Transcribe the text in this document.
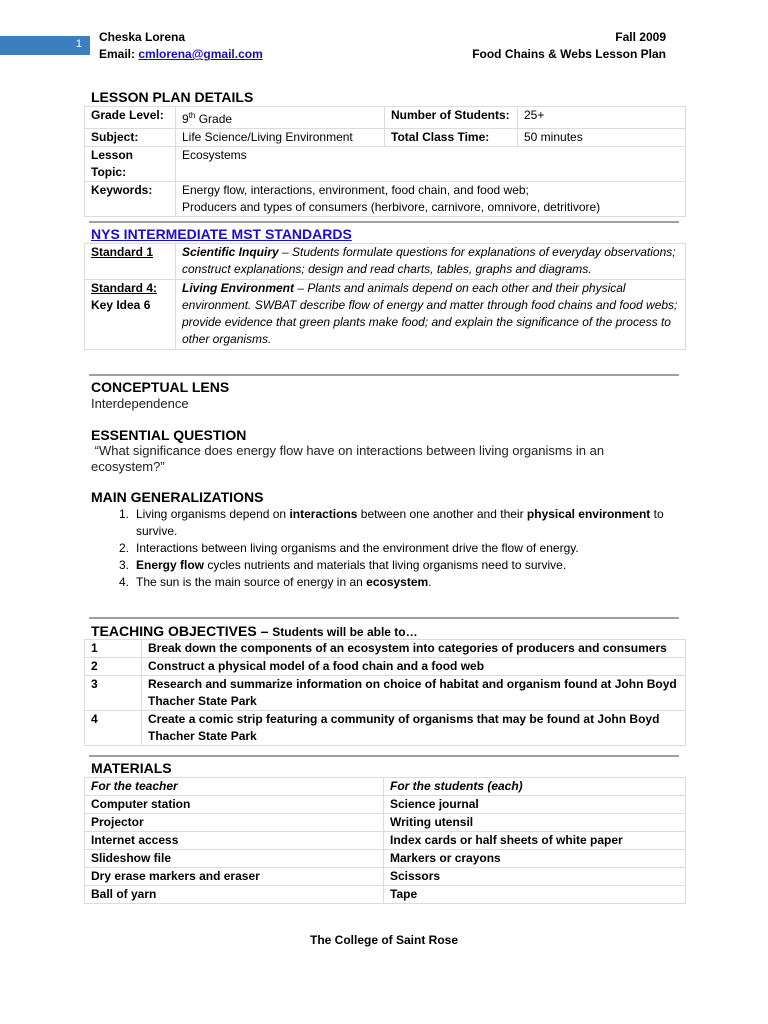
1	Cheska Lorena
Email: cmlorena@gmail.com
Fall 2009
Food Chains & Webs Lesson Plan
LESSON PLAN DETAILS
Grade Level:	9th Grade	Number of Students:	25+
Subject:	Life Science/Living Environment	Total Class Time:	50 minutes
Lesson Topic:	Ecosystems		
Keywords:	Energy flow, interactions, environment, food chain, and food web;
Producers and types of consumers (herbivore, carnivore, omnivore, detritivore)		
NYS INTERMEDIATE MST STANDARDS
Standard 1	Scientific Inquiry – Students formulate questions for explanations of everyday observations; construct explanations; design and read charts, tables, graphs and diagrams.

Standard 4:
Key Idea 6	Living Environment – Plants and animals depend on each other and their physical environment. SWBAT describe flow of energy and matter through food chains and food webs; provide evidence that green plants make food; and explain the significance of the process to other organisms.
CONCEPTUAL LENS
Interdependence
ESSENTIAL QUESTION
“What significance does energy flow have on interactions between living organisms in an
ecosystem?”
MAIN GENERALIZATIONS
1. Living organisms depend on interactions between one another and their physical environment to survive.
2. Interactions between living organisms and the environment drive the flow of energy.
3. Energy flow cycles nutrients and materials that living organisms need to survive.
4. The sun is the main source of energy in an ecosystem.
TEACHING OBJECTIVES – Students will be able to…
1	Break down the components of an ecosystem into categories of producers and consumers
2	Construct a physical model of a food chain and a food web
3	Research and summarize information on choice of habitat and organism found at John Boyd Thacher State Park
4	Create a comic strip featuring a community of organisms that may be found at John Boyd Thacher State Park
MATERIALS
For the teacher	For the students (each)
Computer station	Science journal
Projector	Writing utensil
Internet access	Index cards or half sheets of white paper
Slideshow file	Markers or crayons
Dry erase markers and eraser	Scissors
Ball of yarn	Tape
The College of Saint Rose
